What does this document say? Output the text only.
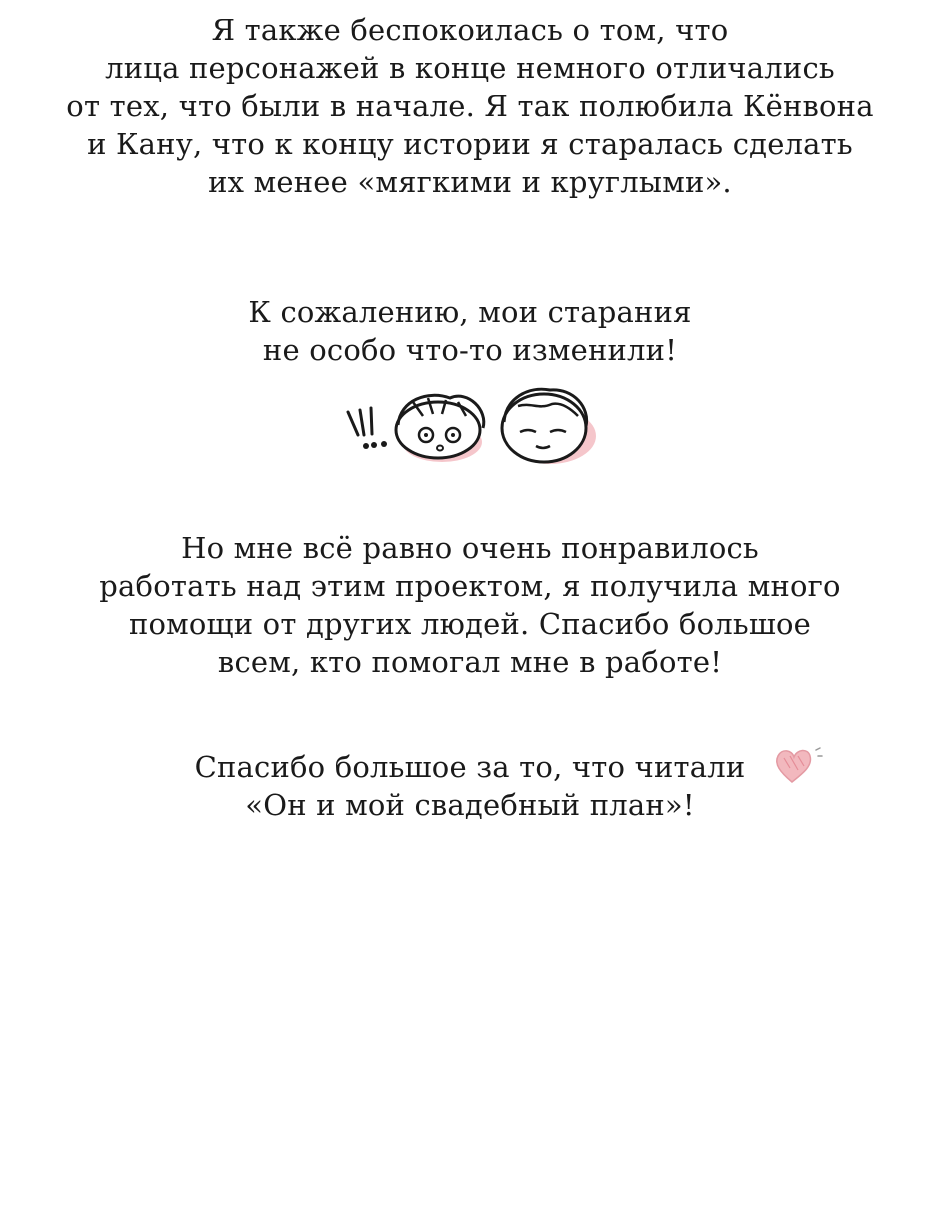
Я также беспокоилась о том, что
лица персонажей в конце немного отличались
от тех, что были в начале. Я так полюбила Кёнвона
и Кану, что к концу истории я старалась сделать
их менее «мягкими и круглыми».
К сожалению, мои старания
не особо что-то изменили!
Но мне всё равно очень понравилось
работать над этим проектом, я получила много
помощи от других людей. Спасибо большое
всем, кто помогал мне в работе!
Спасибо большое за то, что читали
«Он и мой свадебный план»!
